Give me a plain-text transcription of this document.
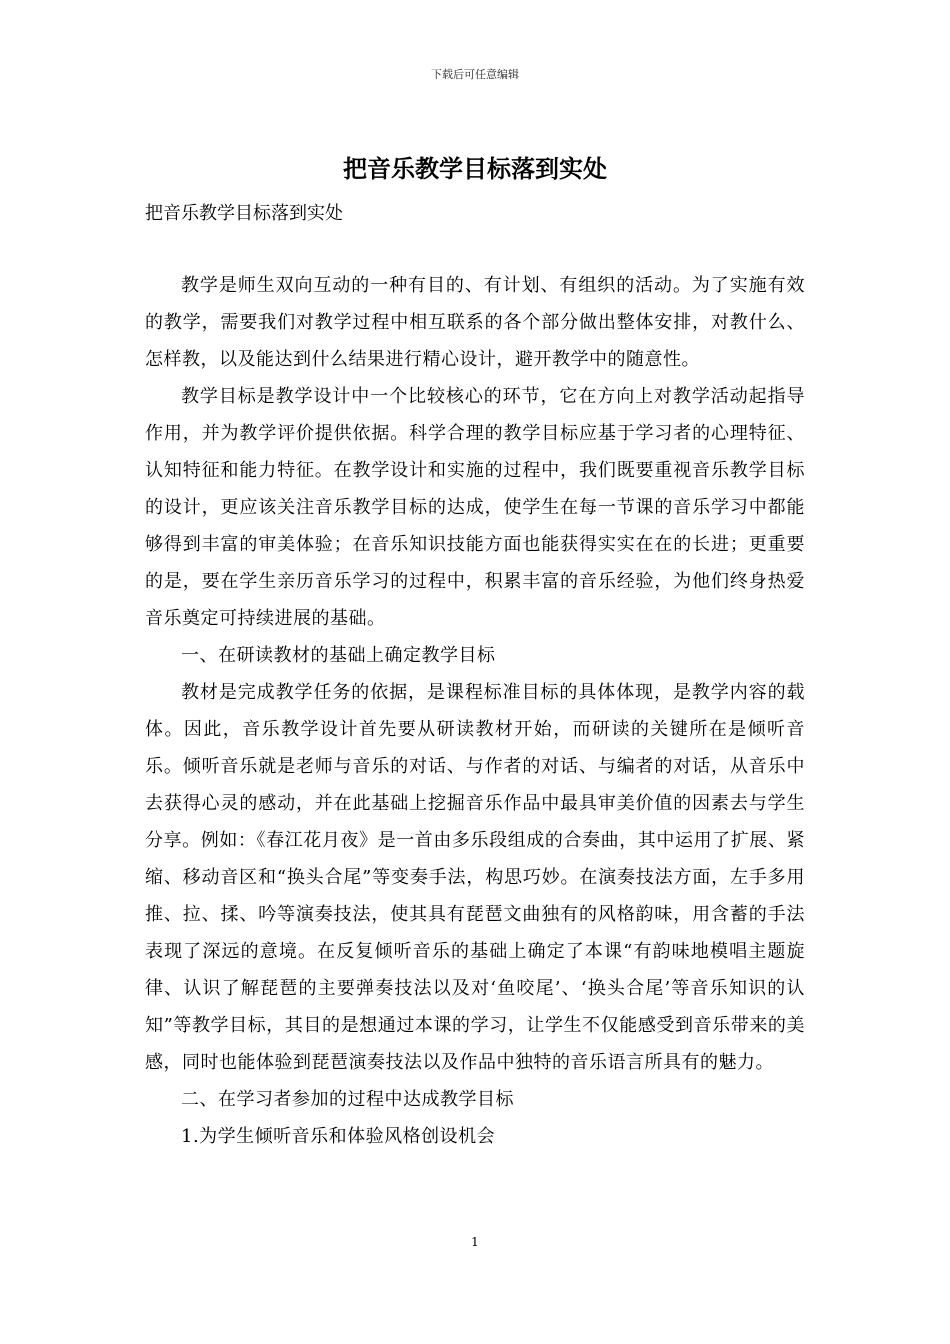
下载后可任意编辑
把音乐教学目标落到实处
把音乐教学目标落到实处

教学是师生双向互动的一种有目的、有计划、有组织的活动。为了实施有效的教学，需要我们对教学过程中相互联系的各个部分做出整体安排，对教什么、怎样教，以及能达到什么结果进行精心设计，避开教学中的随意性。

教学目标是教学设计中一个比较核心的环节，它在方向上对教学活动起指导作用，并为教学评价提供依据。科学合理的教学目标应基于学习者的心理特征、认知特征和能力特征。在教学设计和实施的过程中，我们既要重视音乐教学目标的设计，更应该关注音乐教学目标的达成，使学生在每一节课的音乐学习中都能够得到丰富的审美体验；在音乐知识技能方面也能获得实实在在的长进；更重要的是，要在学生亲历音乐学习的过程中，积累丰富的音乐经验，为他们终身热爱音乐奠定可持续进展的基础。

一、在研读教材的基础上确定教学目标

教材是完成教学任务的依据，是课程标准目标的具体体现，是教学内容的载体。因此，音乐教学设计首先要从研读教材开始，而研读的关键所在是倾听音乐。倾听音乐就是老师与音乐的对话、与作者的对话、与编者的对话，从音乐中去获得心灵的感动，并在此基础上挖掘音乐作品中最具审美价值的因素去与学生分享。例如：《春江花月夜》是一首由多乐段组成的合奏曲，其中运用了扩展、紧缩、移动音区和“换头合尾”等变奏手法，构思巧妙。在演奏技法方面，左手多用推、拉、揉、吟等演奏技法，使其具有琵琶文曲独有的风格韵味，用含蓄的手法表现了深远的意境。在反复倾听音乐的基础上确定了本课“有韵味地模唱主题旋律、认识了解琵琶的主要弹奏技法以及对‘鱼咬尾’、‘换头合尾’等音乐知识的认知”等教学目标，其目的是想通过本课的学习，让学生不仅能感受到音乐带来的美感，同时也能体验到琵琶演奏技法以及作品中独特的音乐语言所具有的魅力。

二、在学习者参加的过程中达成教学目标

1.为学生倾听音乐和体验风格创设机会

1
